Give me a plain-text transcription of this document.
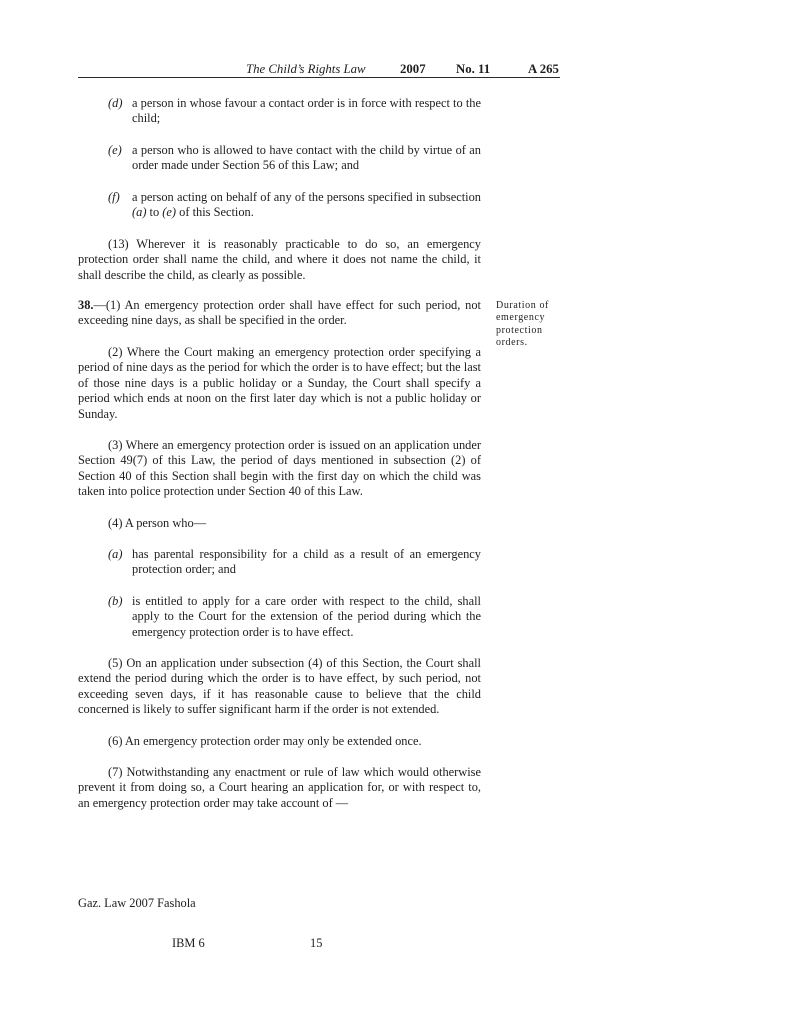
The Child’s Rights Law	2007 No. 11	A 265
(d) a person in whose favour a contact order is in force with respect to the child;
(e) a person who is allowed to have contact with the child by virtue of an order made under Section 56 of this Law; and
(f) a person acting on behalf of any of the persons specified in subsection (a) to (e) of this Section.
(13) Wherever it is reasonably practicable to do so, an emergency protection order shall name the child, and where it does not name the child, it shall describe the child, as clearly as possible.
38.—(1) An emergency protection order shall have effect for such period, not exceeding nine days, as shall be specified in the order.
Duration of emergency protection orders.
(2) Where the Court making an emergency protection order specifying a period of nine days as the period for which the order is to have effect; but the last of those nine days is a public holiday or a Sunday, the Court shall specify a period which ends at noon on the first later day which is not a public holiday or Sunday.
(3) Where an emergency protection order is issued on an application under Section 49(7) of this Law, the period of days mentioned in subsection (2) of Section 40 of this Section shall begin with the first day on which the child was taken into police protection under Section 40 of this Law.
(4) A person who—
(a) has parental responsibility for a child as a result of an emergency protection order; and
(b) is entitled to apply for a care order with respect to the child, shall apply to the Court for the extension of the period during which the emergency protection order is to have effect.
(5) On an application under subsection (4) of this Section, the Court shall extend the period during which the order is to have effect, by such period, not exceeding seven days, if it has reasonable cause to believe that the child concerned is likely to suffer significant harm if the order is not extended.
(6) An emergency protection order may only be extended once.
(7) Notwithstanding any enactment or rule of law which would otherwise prevent it from doing so, a Court hearing an application for, or with respect to, an emergency protection order may take account of —
Gaz. Law 2007 Fashola
IBM 6	15
